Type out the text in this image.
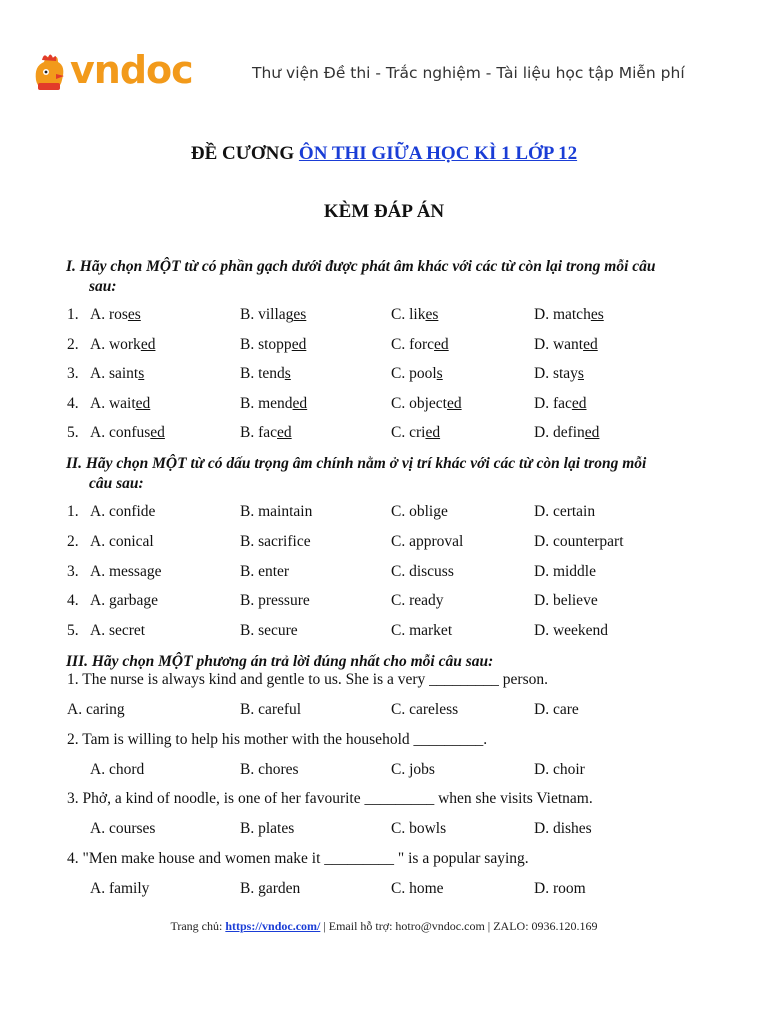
vndoc	Thư viện Đề thi - Trắc nghiệm - Tài liệu học tập Miễn phí
ĐỀ CƯƠNG ÔN THI GIỮA HỌC KÌ 1 LỚP 12
KÈM ĐÁP ÁN
I. Hãy chọn MỘT từ có phần gạch dưới được phát âm khác với các từ còn lại trong mỗi câu
sau:
1. A. roses	B. villages	C. likes	D. matches
2. A. worked	B. stopped	C. forced	D. wanted
3. A. saints	B. tends	C. pools	D. stays
4. A. waited	B. mended	C. objected	D. faced
5. A. confused	B. faced	C. cried	D. defined
II. Hãy chọn MỘT từ có dấu trọng âm chính nằm ở vị trí khác với các từ còn lại trong mỗi
câu sau:
1. A. confide	B. maintain	C. oblige	D. certain
2. A. conical	B. sacrifice	C. approval	D. counterpart
3. A. message	B. enter	C. discuss	D. middle
4. A. garbage	B. pressure	C. ready	D. believe
5. A. secret	B. secure	C. market	D. weekend
III. Hãy chọn MỘT phương án trả lời đúng nhất cho mỗi câu sau:
1. The nurse is always kind and gentle to us. She is a very _________ person.
A. caring	B. careful	C. careless	D. care
2. Tam is willing to help his mother with the household _________.
A. chord	B. chores	C. jobs	D. choir
3. Phở, a kind of noodle, is one of her favourite _________ when she visits Vietnam.
A. courses	B. plates	C. bowls	D. dishes
4. "Men make house and women make it _________ " is a popular saying.
A. family	B. garden	C. home	D. room
Trang chủ: https://vndoc.com/ | Email hỗ trợ: hotro@vndoc.com | ZALO: 0936.120.169
